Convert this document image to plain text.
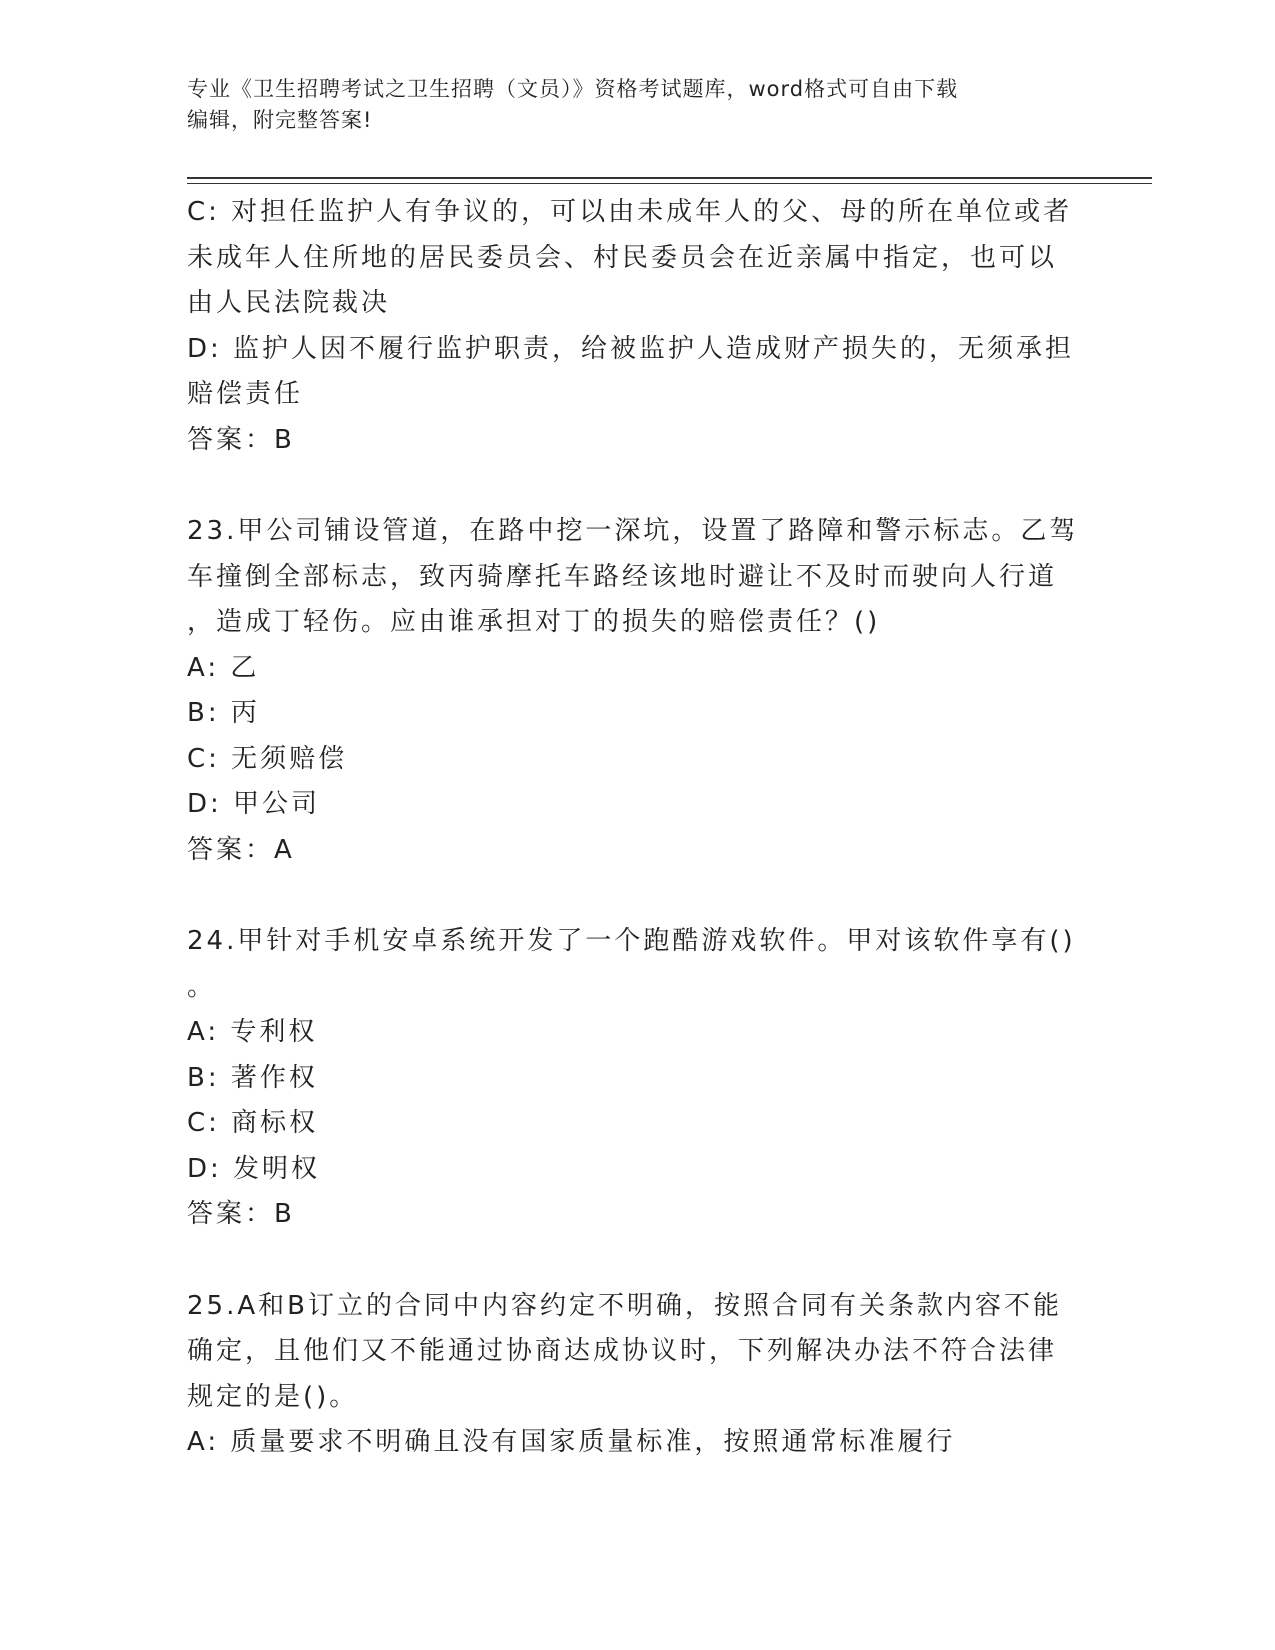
专业《卫生招聘考试之卫生招聘（文员）》资格考试题库，word格式可自由下载
编辑，附完整答案!
C: 对担任监护人有争议的，可以由未成年人的父、母的所在单位或者
未成年人住所地的居民委员会、村民委员会在近亲属中指定，也可以
由人民法院裁决
D: 监护人因不履行监护职责，给被监护人造成财产损失的，无须承担
赔偿责任
答案：B
23.甲公司铺设管道，在路中挖一深坑，设置了路障和警示标志。乙驾
车撞倒全部标志，致丙骑摩托车路经该地时避让不及时而驶向人行道
，造成丁轻伤。应由谁承担对丁的损失的赔偿责任？()
A: 乙
B: 丙
C: 无须赔偿
D: 甲公司
答案：A
24.甲针对手机安卓系统开发了一个跑酷游戏软件。甲对该软件享有()
。
A: 专利权
B: 著作权
C: 商标权
D: 发明权
答案：B
25.A和B订立的合同中内容约定不明确，按照合同有关条款内容不能
确定，且他们又不能通过协商达成协议时，下列解决办法不符合法律
规定的是()。
A: 质量要求不明确且没有国家质量标准，按照通常标准履行
